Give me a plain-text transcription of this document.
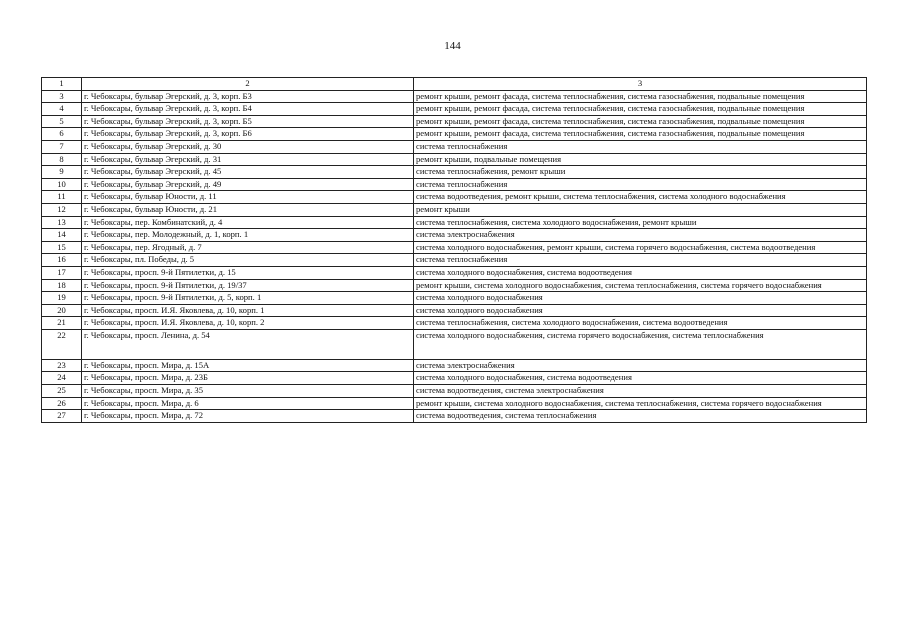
144
1	2	3
3	г. Чебоксары, бульвар Эгерский, д. 3, корп. Б3	ремонт крыши, ремонт фасада, система теплоснабжения, система газоснабжения, подвальные помещения
4	г. Чебоксары, бульвар Эгерский, д. 3, корп. Б4	ремонт крыши, ремонт фасада, система теплоснабжения, система газоснабжения, подвальные помещения
5	г. Чебоксары, бульвар Эгерский, д. 3, корп. Б5	ремонт крыши, ремонт фасада, система теплоснабжения, система газоснабжения, подвальные помещения
6	г. Чебоксары, бульвар Эгерский, д. 3, корп. Б6	ремонт крыши, ремонт фасада, система теплоснабжения, система газоснабжения, подвальные помещения
7	г. Чебоксары, бульвар Эгерский, д. 30	система теплоснабжения
8	г. Чебоксары, бульвар Эгерский, д. 31	ремонт крыши, подвальные помещения
9	г. Чебоксары, бульвар Эгерский, д. 45	система теплоснабжения, ремонт крыши
10	г. Чебоксары, бульвар Эгерский, д. 49	система теплоснабжения
11	г. Чебоксары, бульвар Юности, д. 11	система водоотведения, ремонт крыши, система теплоснабжения, система холодного водоснабжения
12	г. Чебоксары, бульвар Юности, д. 21	ремонт крыши
13	г. Чебоксары, пер. Комбинатский, д. 4	система теплоснабжения, система холодного водоснабжения, ремонт крыши
14	г. Чебоксары, пер. Молодежный, д. 1, корп. 1	система электроснабжения
15	г. Чебоксары, пер. Ягодный, д. 7	система холодного водоснабжения, ремонт крыши, система горячего водоснабжения, система водоотведения
16	г. Чебоксары, пл. Победы, д. 5	система теплоснабжения
17	г. Чебоксары, просп. 9-й Пятилетки, д. 15	система холодного водоснабжения, система водоотведения
18	г. Чебоксары, просп. 9-й Пятилетки, д. 19/37	ремонт крыши, система холодного водоснабжения, система теплоснабжения, система горячего водоснабжения
19	г. Чебоксары, просп. 9-й Пятилетки, д. 5, корп. 1	система холодного водоснабжения
20	г. Чебоксары, просп. И.Я. Яковлева, д. 10, корп. 1	система холодного водоснабжения
21	г. Чебоксары, просп. И.Я. Яковлева, д. 10, корп. 2	система теплоснабжения, система холодного водоснабжения, система водоотведения
22	г. Чебоксары, просп. Ленина, д. 54	система холодного водоснабжения, система горячего водоснабжения, система теплоснабжения
23	г. Чебоксары, просп. Мира, д. 15А	система электроснабжения
24	г. Чебоксары, просп. Мира, д. 23Б	система холодного водоснабжения, система водоотведения
25	г. Чебоксары, просп. Мира, д. 35	система водоотведения, система электроснабжения
26	г. Чебоксары, просп. Мира, д. 6	ремонт крыши, система холодного водоснабжения, система теплоснабжения, система горячего водоснабжения
27	г. Чебоксары, просп. Мира, д. 72	система водоотведения, система теплоснабжения
